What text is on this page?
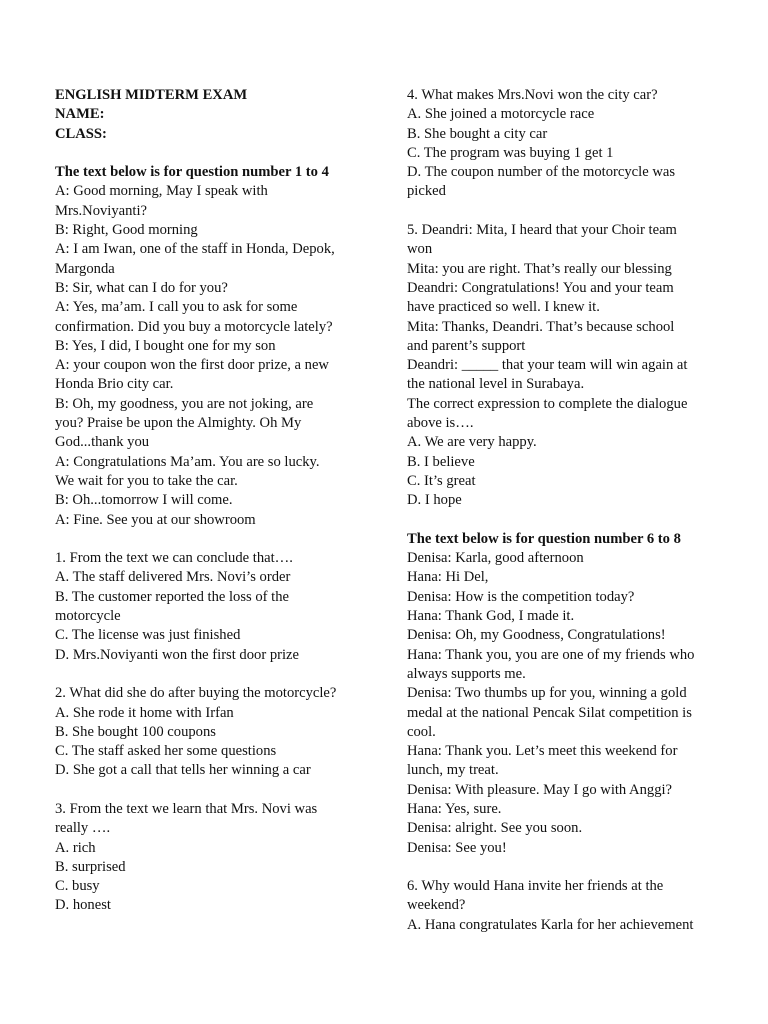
ENGLISH MIDTERM EXAM
NAME:
CLASS:
The text below is for question number 1 to 4
A: Good morning, May I speak with
Mrs.Noviyanti?
B: Right, Good morning
A: I am Iwan, one of the staff in Honda, Depok,
Margonda
B: Sir, what can I do for you?
A: Yes, ma’am. I call you to ask for some
confirmation. Did you buy a motorcycle lately?
B: Yes, I did, I bought one for my son
A: your coupon won the first door prize, a new
Honda Brio city car.
B: Oh, my goodness, you are not joking, are
you? Praise be upon the Almighty. Oh My
God...thank you
A: Congratulations Ma’am. You are so lucky.
We wait for you to take the car.
B: Oh...tomorrow I will come.
A: Fine. See you at our showroom
1. From the text we can conclude that….
A. The staff delivered Mrs. Novi’s order
B. The customer reported the loss of the
motorcycle
C. The license was just finished
D. Mrs.Noviyanti won the first door prize
2. What did she do after buying the motorcycle?
A. She rode it home with Irfan
B. She bought 100 coupons
C. The staff asked her some questions
D. She got a call that tells her winning a car
3. From the text we learn that Mrs. Novi was
really ….
A. rich
B. surprised
C. busy
D. honest
4. What makes Mrs.Novi won the city car?
A. She joined a motorcycle race
B. She bought a city car
C. The program was buying 1 get 1
D. The coupon number of the motorcycle was
picked
5. Deandri: Mita, I heard that your Choir team
won
Mita: you are right. That’s really our blessing
Deandri: Congratulations! You and your team
have practiced so well. I knew it.
Mita: Thanks, Deandri. That’s because school
and parent’s support
Deandri: _____ that your team will win again at
the national level in Surabaya.
The correct expression to complete the dialogue
above is….
A. We are very happy.
B. I believe
C. It’s great
D. I hope
The text below is for question number 6 to 8
Denisa: Karla, good afternoon
Hana: Hi Del,
Denisa: How is the competition today?
Hana: Thank God, I made it.
Denisa: Oh, my Goodness, Congratulations!
Hana: Thank you, you are one of my friends who
always supports me.
Denisa: Two thumbs up for you, winning a gold
medal at the national Pencak Silat competition is
cool.
Hana: Thank you. Let’s meet this weekend for
lunch, my treat.
Denisa: With pleasure. May I go with Anggi?
Hana: Yes, sure.
Denisa: alright. See you soon.
Denisa: See you!
6. Why would Hana invite her friends at the
weekend?
A. Hana congratulates Karla for her achievement
